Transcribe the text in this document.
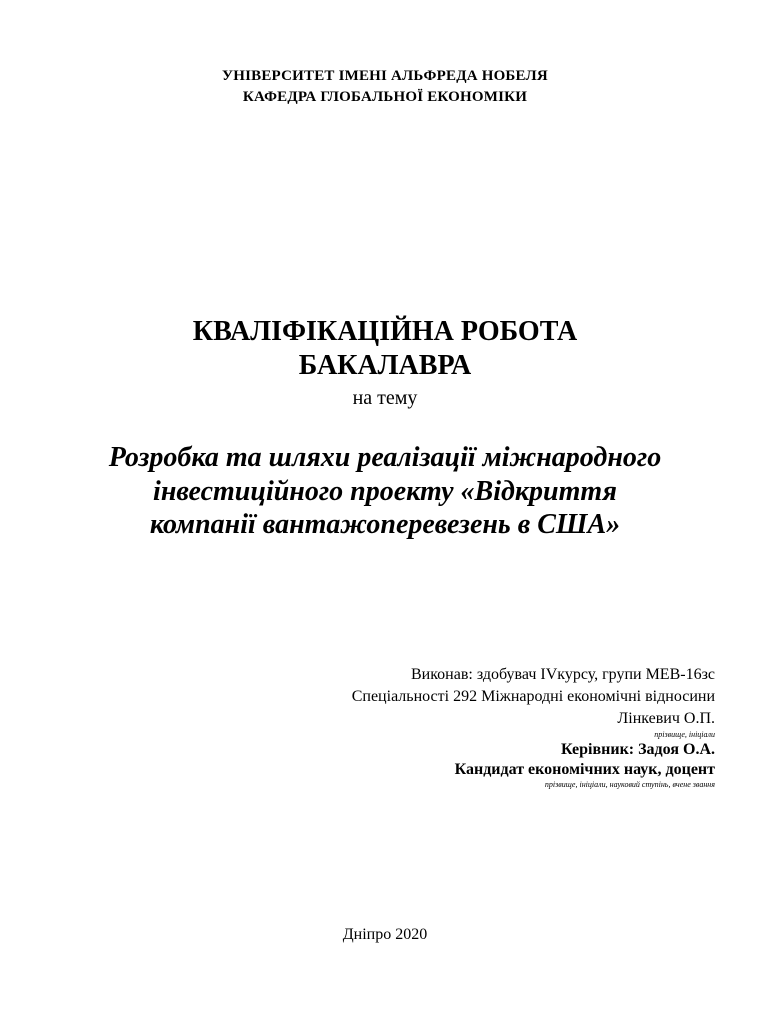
УНІВЕРСИТЕТ ІМЕНІ АЛЬФРЕДА НОБЕЛЯ
КАФЕДРА ГЛОБАЛЬНОЇ ЕКОНОМІКИ
КВАЛІФІКАЦІЙНА РОБОТА
БАКАЛАВРА
на тему
Розробка та шляхи реалізації міжнародного
інвестиційного проекту «Відкриття
компанії вантажоперевезень в США»
Виконав: здобувач IVкурсу, групи МЕВ-16зс
Спеціальності 292 Міжнародні економічні відносини
Лінкевич О.П.
прізвище, ініціали
Керівник: Задоя О.А.
Кандидат економічних наук, доцент
прізвище, ініціали, науковий ступінь, вчене звання
Дніпро 2020
